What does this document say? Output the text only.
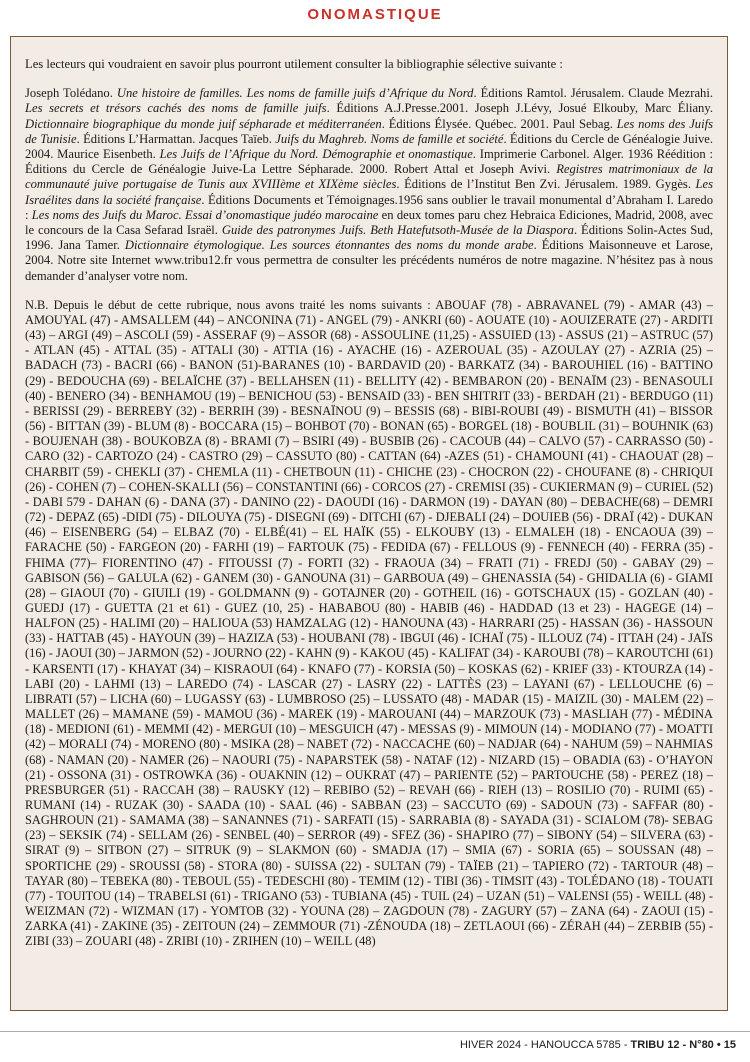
ONOMASTIQUE

Les lecteurs qui voudraient en savoir plus pourront utilement consulter la bibliographie sélective suivante :

Joseph Tolédano. Une histoire de familles. Les noms de famille juifs d’Afrique du Nord. Éditions Ramtol. Jérusalem. Claude Mezrahi. Les secrets et trésors cachés des noms de famille juifs. Éditions A.J.Presse.2001. Joseph J.Lévy, Josué Elkouby, Marc Éliany. Dictionnaire biographique du monde juif sépharade et méditerranéen. Éditions Élysée. Québec. 2001. Paul Sebag. Les noms des Juifs de Tunisie. Éditions L’Harmattan. Jacques Taïeb. Juifs du Maghreb. Noms de famille et société. Éditions du Cercle de Généalogie Juive. 2004. Maurice Eisenbeth. Les Juifs de l’Afrique du Nord. Démographie et onomastique. Imprimerie Carbonel. Alger. 1936 Réédition : Éditions du Cercle de Généalogie Juive-La Lettre Sépharade. 2000. Robert Attal et Joseph Avivi. Registres matrimoniaux de la communauté juive portugaise de Tunis aux XVIIIème et XIXème siècles. Éditions de l’Institut Ben Zvi. Jérusalem. 1989. Gygès. Les Israélites dans la société française. Éditions Documents et Témoignages.1956 sans oublier le travail monumental d’Abraham I. Laredo : Les noms des Juifs du Maroc. Essai d’onomastique judéo marocaine en deux tomes paru chez Hebraica Ediciones, Madrid, 2008, avec le concours de la Casa Sefarad Israël. Guide des patronymes Juifs. Beth Hatefutsoth-Musée de la Diaspora. Éditions Solin-Actes Sud, 1996. Jana Tamer. Dictionnaire étymologique. Les sources étonnantes des noms du monde arabe. Éditions Maisonneuve et Larose, 2004. Notre site Internet www.tribu12.fr vous permettra de consulter les précédents numéros de notre magazine. N’hésitez pas à nous demander d’analyser votre nom.

N.B. Depuis le début de cette rubrique, nous avons traité les noms suivants : ABOUAF (78) - ABRAVANEL (79) - AMAR (43) – AMOUYAL (47) - AMSALLEM (44) – ANCONINA (71) - ANGEL (79) - ANKRI (60) - AOUATE (10) - AOUIZERATE (27) - ARDITI (43) – ARGI (49) – ASCOLI (59) - ASSERAF (9) – ASSOR (68) - ASSOULINE (11,25) - ASSUIED (13) - ASSUS (21) – ASTRUC (57) - ATLAN (45) - ATTAL (35) - ATTALI (30) - ATTIA (16) - AYACHE (16) - AZEROUAL (35) - AZOULAY (27) - AZRIA (25) – BADACH (73) - BACRI (66) - BANON (51)-BARANES (10) - BARDAVID (20) - BARKATZ (34) - BAROUHIEL (16) - BATTINO (29) - BEDOUCHA (69) - BELAÏCHE (37) - BELLAHSEN (11) - BELLITY (42) - BEMBARON (20) - BENAÏM (23) - BENASOULI (40) - BENERO (34) - BENHAMOU (19) – BENICHOU (53) - BENSAID (33) - BEN SHITRIT (33) - BERDAH (21) - BERDUGO (11) - BERISSI (29) - BERREBY (32) - BERRIH (39) - BESNAÏNOU (9) – BESSIS (68) - BIBI-ROUBI (49) - BISMUTH (41) – BISSOR (56) - BITTAN (39) - BLUM (8) - BOCCARA (15) – BOHBOT (70) - BONAN (65) - BORGEL (18) - BOUBLIL (31) – BOUHNIK (63) - BOUJENAH (38) - BOUKOBZA (8) - BRAMI (7) – BSIRI (49) - BUSBIB (26) - CACOUB (44) – CALVO (57) - CARRASSO (50) - CARO (32) - CARTOZO (24) - CASTRO (29) – CASSUTO (80) - CATTAN (64) -AZES (51) - CHAMOUNI (41) - CHAOUAT (28) – CHARBIT (59) - CHEKLI (37) - CHEMLA (11) - CHETBOUN (11) - CHICHE (23) - CHOCRON (22) - CHOUFANE (8) - CHRIQUI (26) - COHEN (7) – COHEN-SKALLI (56) – CONSTANTINI (66) - CORCOS (27) - CREMISI (35) - CUKIERMAN (9) – CURIEL (52) - DABI 579 - DAHAN (6) - DANA (37) - DANINO (22) - DAOUDI (16) - DARMON (19) - DAYAN (80) – DEBACHE(68) – DEMRI (72) - DEPAZ (65) -DIDI (75) - DILOUYA (75) - DISEGNI (69) - DITCHI (67) - DJEBALI (24) – DOUIEB (56) - DRAÏ (42) - DUKAN (46) – EISENBERG (54) – ELBAZ (70) - ELBÉ(41) – EL HAÏK (55) - ELKOUBY (13) - ELMALEH (18) - ENCAOUA (39) – FARACHE (50) - FARGEON (20) - FARHI (19) – FARTOUK (75) - FEDIDA (67) - FELLOUS (9) - FENNECH (40) - FERRA (35) - FHIMA (77)– FIORENTINO (47) - FITOUSSI (7) - FORTI (32) - FRAOUA (34) – FRATI (71) - FREDJ (50) - GABAY (29) – GABISON (56) – GALULA (62) - GANEM (30) - GANOUNA (31) – GARBOUA (49) – GHENASSIA (54) - GHIDALIA (6) - GIAMI (28) – GIAOUI (70) - GIUILI (19) - GOLDMANN (9) - GOTAJNER (20) - GOTHEIL (16) - GOTSCHAUX (15) - GOZLAN (40) - GUEDJ (17) - GUETTA (21 et 61) - GUEZ (10, 25) - HABABOU (80) - HABIB (46) - HADDAD (13 et 23) - HAGEGE (14) – HALFON (25) - HALIMI (20) – HALIOUA (53) HAMZALAG (12) - HANOUNA (43) - HARRARI (25) - HASSAN (36) - HASSOUN (33) - HATTAB (45) - HAYOUN (39) – HAZIZA (53) - HOUBANI (78) - IBGUI (46) - ICHAÏ (75) - ILLOUZ (74) - ITTAH (24) - JAÏS (16) - JAOUI (30) – JARMON (52) - JOURNO (22) - KAHN (9) - KAKOU (45) - KALIFAT (34) - KAROUBI (78) – KAROUTCHI (61) - KARSENTI (17) - KHAYAT (34) – KISRAOUI (64) - KNAFO (77) - KORSIA (50) – KOSKAS (62) - KRIEF (33) - KTOURZA (14) - LABI (20) - LAHMI (13) – LAREDO (74) - LASCAR (27) - LASRY (22) - LATTÈS (23) – LAYANI (67) - LELLOUCHE (6) – LIBRATI (57) – LICHA (60) – LUGASSY (63) - LUMBROSO (25) – LUSSATO (48) - MADAR (15) - MAIZIL (30) - MALEM (22) – MALLET (26) – MAMANE (59) - MAMOU (36) - MAREK (19) - MAROUANI (44) – MARZOUK (73) - MASLIAH (77) - MÉDINA (18) - MEDIONI (61) - MEMMI (42) - MERGUI (10) – MESGUICH (47) - MESSAS (9) - MIMOUN (14) - MODIANO (77) - MOATTI (42) – MORALI (74) - MORENO (80) - MSIKA (28) – NABET (72) - NACCACHE (60) – NADJAR (64) - NAHUM (59) – NAHMIAS (68) - NAMAN (20) - NAMER (26) – NAOURI (75) - NAPARSTEK (58) - NATAF (12) - NIZARD (15) – OBADIA (63) - O’HAYON (21) - OSSONA (31) - OSTROWKA (36) - OUAKNIN (12) – OUKRAT (47) – PARIENTE (52) – PARTOUCHE (58) - PEREZ (18) – PRESBURGER (51) - RACCAH (38) – RAUSKY (12) – REBIBO (52) – REVAH (66) - RIEH (13) – ROSILIO (70) - RUIMI (65) - RUMANI (14) - RUZAK (30) - SAADA (10) - SAAL (46) - SABBAN (23) – SACCUTO (69) - SADOUN (73) - SAFFAR (80) - SAGHROUN (21) - SAMAMA (38) – SANANNES (71) - SARFATI (15) - SARRABIA (8) - SAYADA (31) - SCIALOM (78)- SEBAG (23) – SEKSIK (74) - SELLAM (26) - SENBEL (40) – SERROR (49) - SFEZ (36) - SHAPIRO (77) – SIBONY (54) – SILVERA (63) - SIRAT (9) – SITBON (27) – SITRUK (9) – SLAKMON (60) - SMADJA (17) – SMIA (67) - SORIA (65) – SOUSSAN (48) – SPORTICHE (29) - SROUSSI (58) - STORA (80) - SUISSA (22) - SULTAN (79) - TAÏEB (21) – TAPIERO (72) - TARTOUR (48) – TAYAR (80) – TEBEKA (80) - TEBOUL (55) - TEDESCHI (80) - TEMIM (12) - TIBI (36) - TIMSIT (43) - TOLÉDANO (18) - TOUATI (77) - TOUITOU (14) – TRABELSI (61) - TRIGANO (53) - TUBIANA (45) - TUIL (24) – UZAN (51) – VALENSI (55) - WEILL (48) - WEIZMAN (72) - WIZMAN (17) - YOMTOB (32) - YOUNA (28) – ZAGDOUN (78) - ZAGURY (57) – ZANA (64) - ZAOUI (15) - ZARKA (41) - ZAKINE (35) - ZEITOUN (24) – ZEMMOUR (71) -ZÉNOUDA (18) – ZETLAOUI (66) - ZÉRAH (44) – ZERBIB (55) - ZIBI (33) – ZOUARI (48) - ZRIBI (10) - ZRIHEN (10) – WEILL (48)

HIVER 2024 - HANOUCCA 5785 - TRIBU 12 - N°80 • 15
